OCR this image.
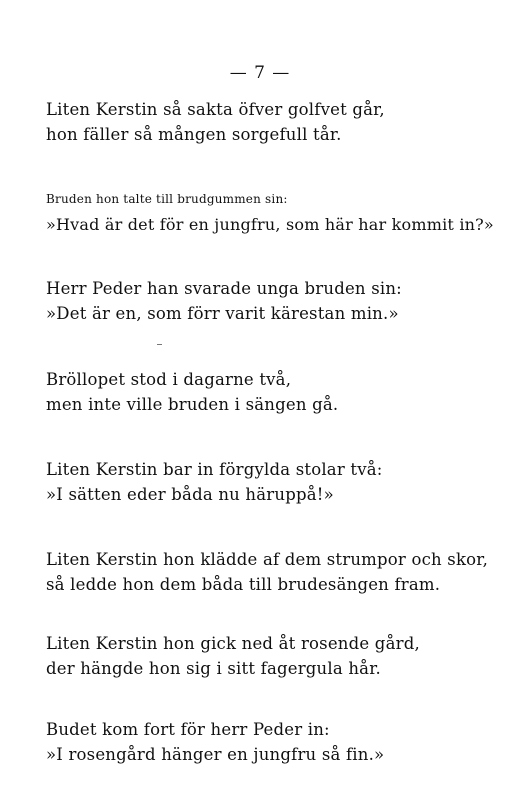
— 7 —
Liten Kerstin så sakta öfver golfvet går,
hon fäller så mången sorgefull tår.
Bruden hon talte till brudgummen sin:
»Hvad är det för en jungfru, som här har kommit in?»
Herr Peder han svarade unga bruden sin:
»Det är en, som förr varit kärestan min.»
Bröllopet stod i dagarne två,
men inte ville bruden i sängen gå.
Liten Kerstin bar in förgylda stolar två:
»I sätten eder båda nu häruppå!»
Liten Kerstin hon klädde af dem strumpor och skor,
så ledde hon dem båda till brudesängen fram.
Liten Kerstin hon gick ned åt rosende gård,
der hängde hon sig i sitt fagergula hår.
Budet kom fort för herr Peder in:
»I rosengård hänger en jungfru så fin.»
